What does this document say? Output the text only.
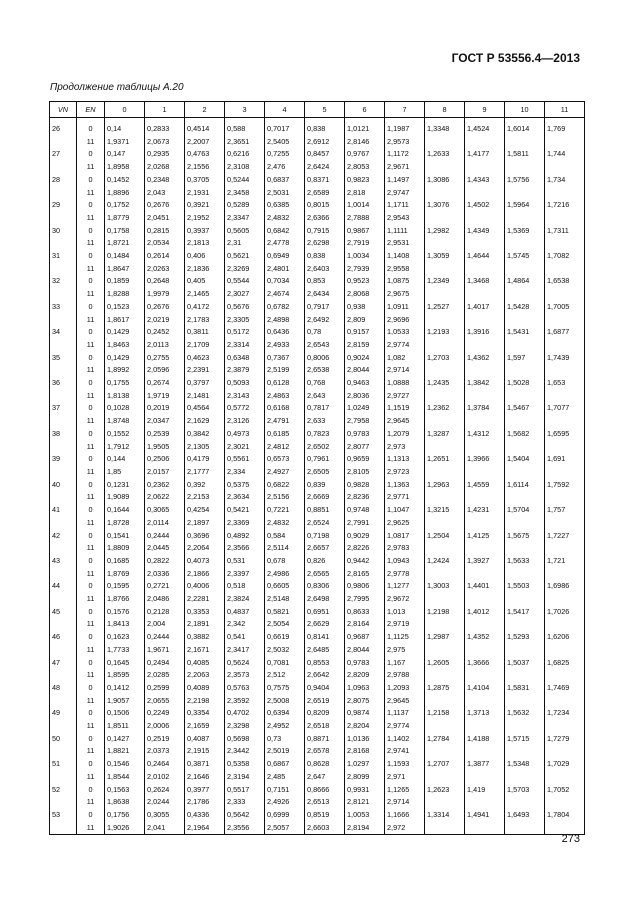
ГОСТ Р 53556.4—2013
Продолжение таблицы А.20
VN	EN	0	1	2	3	4	5	6	7	8	9	10	11

26	0	0,14	0,2833	0,4514	0,588	0,7017	0,838	1,0121	1,1987	1,3348	1,4524	1,6014	1,769
	11	1,9371	2,0673	2,2007	2,3651	2,5405	2,6912	2,8146	2,9573				
27	0	0,147	0,2935	0,4763	0,6216	0,7255	0,8457	0,9767	1,1172	1,2633	1,4177	1,5811	1,744
	11	1,8958	2,0268	2,1556	2,3108	2,476	2,6424	2,8053	2,9671				
28	0	0,1452	0,2348	0,3705	0,5244	0,6837	0,8371	0,9823	1,1497	1,3086	1,4343	1,5756	1,734
	11	1,8896	2,043	2,1931	2,3458	2,5031	2,6589	2,818	2,9747				
29	0	0,1752	0,2676	0,3921	0,5289	0,6385	0,8015	1,0014	1,1711	1,3076	1,4502	1,5964	1,7216
	11	1,8779	2,0451	2,1952	2,3347	2,4832	2,6366	2,7888	2,9543				
30	0	0,1758	0,2815	0,3937	0,5605	0,6842	0,7915	0,9867	1,1111	1,2982	1,4349	1,5369	1,7311
	11	1,8721	2,0534	2,1813	2,31	2,4778	2,6298	2,7919	2,9531				
31	0	0,1484	0,2614	0,406	0,5621	0,6949	0,838	1,0034	1,1408	1,3059	1,4644	1,5745	1,7082
	11	1,8647	2,0263	2,1836	2,3269	2,4801	2,6403	2,7939	2,9558				
32	0	0,1859	0,2648	0,405	0,5544	0,7034	0,853	0,9523	1,0875	1,2349	1,3468	1,4864	1,6538
	11	1,8288	1,9979	2,1465	2,3027	2,4674	2,6434	2,8068	2,9675				
33	0	0,1523	0,2676	0,4172	0,5676	0,6782	0,7917	0,938	1,0911	1,2527	1,4017	1,5428	1,7005
	11	1,8617	2,0219	2,1783	2,3305	2,4898	2,6492	2,809	2,9696				
34	0	0,1429	0,2452	0,3811	0,5172	0,6436	0,78	0,9157	1,0533	1,2193	1,3916	1,5431	1,6877
	11	1,8463	2,0113	2,1709	2,3314	2,4933	2,6543	2,8159	2,9774				
35	0	0,1429	0,2755	0,4623	0,6348	0,7367	0,8006	0,9024	1,082	1,2703	1,4362	1,597	1,7439
	11	1,8992	2,0596	2,2391	2,3879	2,5199	2,6538	2,8044	2,9714				
36	0	0,1755	0,2674	0,3797	0,5093	0,6128	0,768	0,9463	1,0888	1,2435	1,3842	1,5028	1,653
	11	1,8138	1,9719	2,1481	2,3143	2,4863	2,643	2,8036	2,9727				
37	0	0,1028	0,2019	0,4564	0,5772	0,6168	0,7817	1,0249	1,1519	1,2362	1,3784	1,5467	1,7077
	11	1,8748	2,0347	2,1629	2,3126	2,4791	2,633	2,7958	2,9645				
38	0	0,1552	0,2539	0,3842	0,4973	0,6185	0,7823	0,9783	1,2079	1,3287	1,4312	1,5682	1,6595
	11	1,7912	1,9505	2,1305	2,3021	2,4812	2,6502	2,8077	2,973				
39	0	0,144	0,2506	0,4179	0,5561	0,6573	0,7961	0,9659	1,1313	1,2651	1,3966	1,5404	1,691
	11	1,85	2,0157	2,1777	2,334	2,4927	2,6505	2,8105	2,9723				
40	0	0,1231	0,2362	0,392	0,5375	0,6822	0,839	0,9828	1,1363	1,2963	1,4559	1,6114	1,7592
	11	1,9089	2,0622	2,2153	2,3634	2,5156	2,6669	2,8236	2,9771				
41	0	0,1644	0,3065	0,4254	0,5421	0,7221	0,8851	0,9748	1,1047	1,3215	1,4231	1,5704	1,757
	11	1,8728	2,0114	2,1897	2,3369	2,4832	2,6524	2,7991	2,9625				
42	0	0,1541	0,2444	0,3696	0,4892	0,584	0,7198	0,9029	1,0817	1,2504	1,4125	1,5675	1,7227
	11	1,8809	2,0445	2,2064	2,3566	2,5114	2,6657	2,8226	2,9783				
43	0	0,1685	0,2822	0,4073	0,531	0,678	0,826	0,9442	1,0943	1,2424	1,3927	1,5633	1,721
	11	1,8769	2,0336	2,1866	2,3397	2,4986	2,6565	2,8165	2,9778				
44	0	0,1595	0,2721	0,4006	0,518	0,6605	0,8306	0,9806	1,1277	1,3003	1,4401	1,5503	1,6986
	11	1,8766	2,0486	2,2281	2,3824	2,5148	2,6498	2,7995	2,9672				
45	0	0,1576	0,2128	0,3353	0,4837	0,5821	0,6951	0,8633	1,013	1,2198	1,4012	1,5417	1,7026
	11	1,8413	2,004	2,1891	2,342	2,5054	2,6629	2,8164	2,9719				
46	0	0,1623	0,2444	0,3882	0,541	0,6619	0,8141	0,9687	1,1125	1,2987	1,4352	1,5293	1,6206
	11	1,7733	1,9671	2,1671	2,3417	2,5032	2,6485	2,8044	2,975				
47	0	0,1645	0,2494	0,4085	0,5624	0,7081	0,8553	0,9783	1,167	1,2605	1,3666	1,5037	1,6825
	11	1,8595	2,0285	2,2063	2,3573	2,512	2,6642	2,8209	2,9788				
48	0	0,1412	0,2599	0,4089	0,5763	0,7575	0,9404	1,0963	1,2093	1,2875	1,4104	1,5831	1,7469
	11	1,9057	2,0655	2,2198	2,3592	2,5008	2,6519	2,8075	2,9645				
49	0	0,1506	0,2249	0,3354	0,4702	0,6394	0,8209	0,9874	1,1137	1,2158	1,3713	1,5632	1,7234
	11	1,8511	2,0006	2,1659	2,3298	2,4952	2,6518	2,8204	2,9774				
50	0	0,1427	0,2519	0,4087	0,5698	0,73	0,8871	1,0136	1,1402	1,2784	1,4188	1,5715	1,7279
	11	1,8821	2,0373	2,1915	2,3442	2,5019	2,6578	2,8168	2,9741				
51	0	0,1546	0,2464	0,3871	0,5358	0,6867	0,8628	1,0297	1,1593	1,2707	1,3877	1,5348	1,7029
	11	1,8544	2,0102	2,1646	2,3194	2,485	2,647	2,8099	2,971				
52	0	0,1563	0,2624	0,3977	0,5517	0,7151	0,8666	0,9931	1,1265	1,2623	1,419	1,5703	1,7052
	11	1,8638	2,0244	2,1786	2,333	2,4926	2,6513	2,8121	2,9714				
53	0	0,1756	0,3055	0,4336	0,5642	0,6999	0,8519	1,0053	1,1666	1,3314	1,4941	1,6493	1,7804
	11	1,9026	2,041	2,1964	2,3556	2,5057	2,6603	2,8194	2,972				
273
